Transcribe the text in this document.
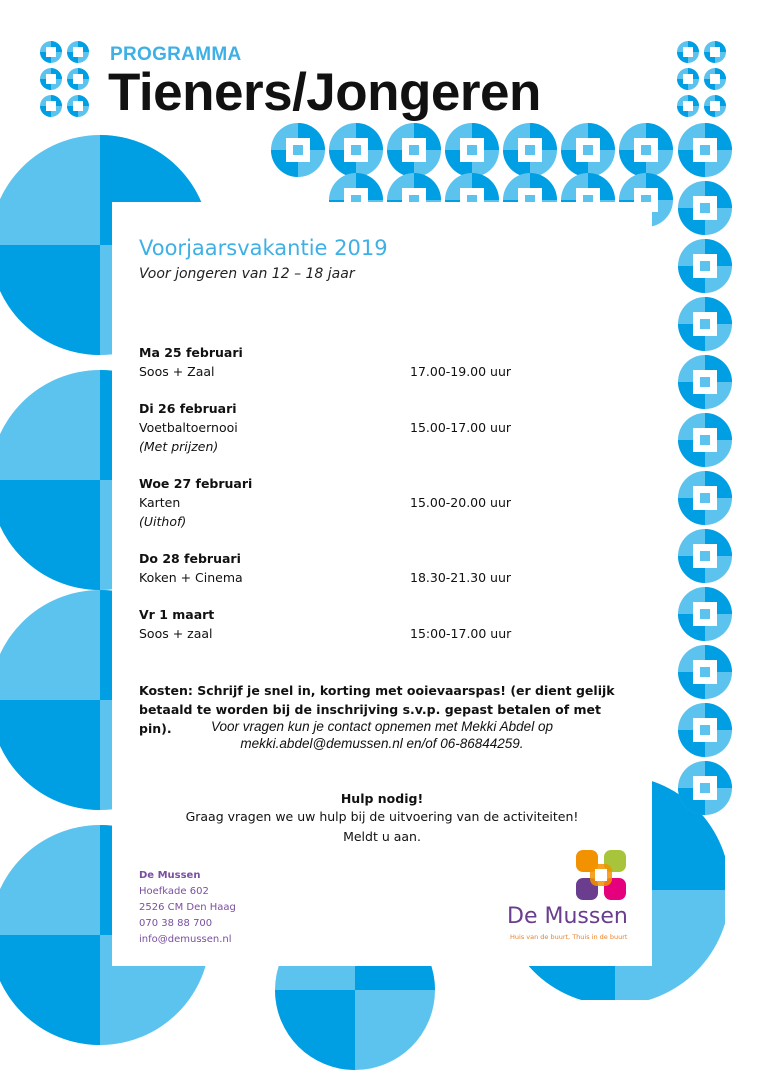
PROGRAMMA
Tieners/Jongeren
Voorjaarsvakantie 2019
Voor jongeren van 12 – 18 jaar
Ma 25 februari
Soos + Zaal	17.00-19.00 uur
Di 26 februari
Voetbaltoernooi	15.00-17.00 uur
(Met prijzen)
Woe 27 februari
Karten	15.00-20.00 uur
(Uithof)
Do 28 februari
Koken + Cinema	18.30-21.30 uur
Vr 1 maart
Soos + zaal	15:00-17.00 uur
Kosten: Schrijf je snel in, korting met ooievaarspas! (er dient gelijk betaald te worden bij de inschrijving s.v.p. gepast betalen of met pin).	Voor vragen kun je contact opnemen met Mekki Abdel op
mekki.abdel@demussen.nl en/of 06-86844259.
Hulp nodig!
Graag vragen we uw hulp bij de uitvoering van de activiteiten!
Meldt u aan.
De Mussen
Hoefkade 602
2526 CM Den Haag
070 38 88 700
info@demussen.nl
De Mussen
Huis van de buurt, Thuis in de buurt
